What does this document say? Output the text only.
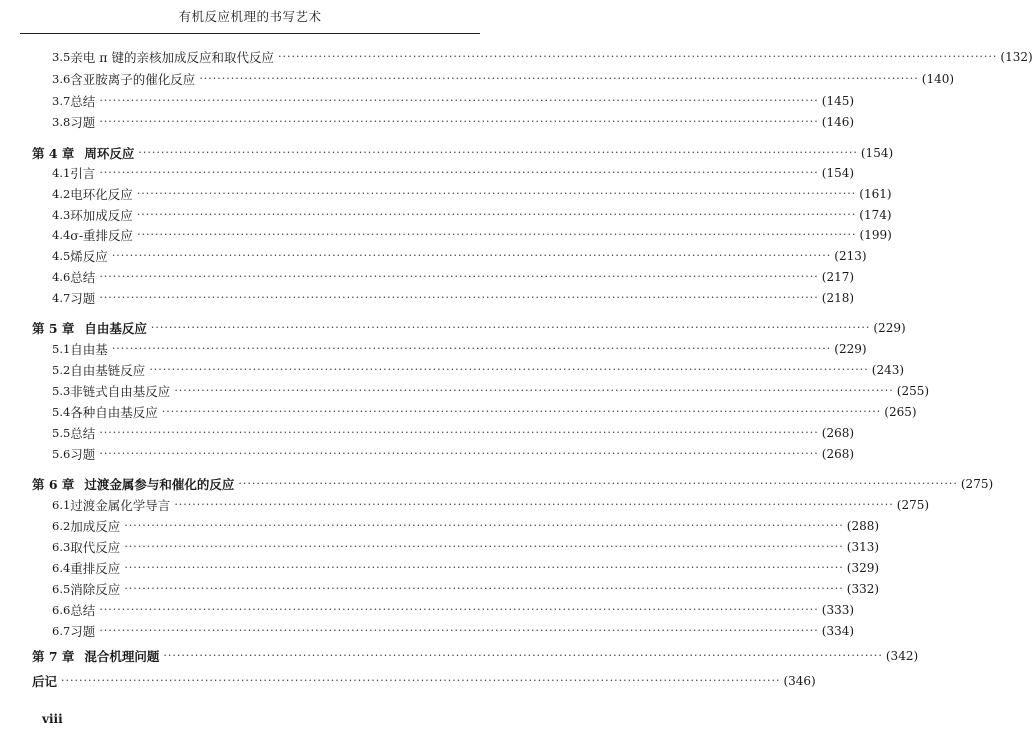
有机反应机理的书写艺术
3.5 亲电 π 键的亲核加成反应和取代反应 ································································································································································ (132)
3.6 含亚胺离子的催化反应 ································································································································································ (140)
3.7 总结 ································································································································································ (145)
3.8 习题 ································································································································································ (146)
第 4 章 周环反应 ································································································································································ (154)
4.1 引言 ································································································································································ (154)
4.2 电环化反应 ································································································································································ (161)
4.3 环加成反应 ································································································································································ (174)
4.4 σ-重排反应 ································································································································································ (199)
4.5 烯反应 ································································································································································ (213)
4.6 总结 ································································································································································ (217)
4.7 习题 ································································································································································ (218)
第 5 章 自由基反应 ································································································································································ (229)
5.1 自由基 ································································································································································ (229)
5.2 自由基链反应 ································································································································································ (243)
5.3 非链式自由基反应 ································································································································································ (255)
5.4 各种自由基反应 ································································································································································ (265)
5.5 总结 ································································································································································ (268)
5.6 习题 ································································································································································ (268)
第 6 章 过渡金属参与和催化的反应 ································································································································································ (275)
6.1 过渡金属化学导言 ································································································································································ (275)
6.2 加成反应 ································································································································································ (288)
6.3 取代反应 ································································································································································ (313)
6.4 重排反应 ································································································································································ (329)
6.5 消除反应 ································································································································································ (332)
6.6 总结 ································································································································································ (333)
6.7 习题 ································································································································································ (334)
第 7 章 混合机理问题 ································································································································································ (342)
后记 ································································································································································ (346)
viii
